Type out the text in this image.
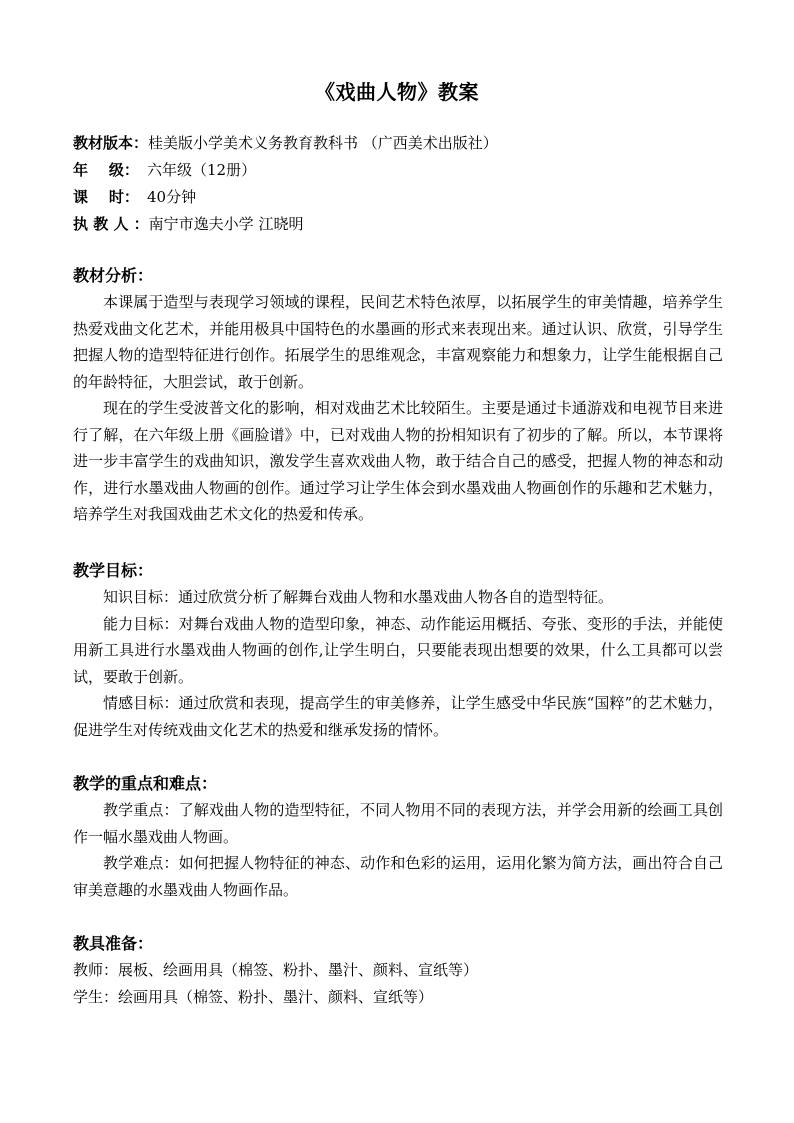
《戏曲人物》教案
教材版本：桂美版小学美术义务教育教科书 （广西美术出版社）
年    级： 六年级（12册）
课    时： 40分钟
执 教 人 ：南宁市逸夫小学 江晓明
教材分析：

本课属于造型与表现学习领域的课程，民间艺术特色浓厚，以拓展学生的审美情趣，培养学生热爱戏曲文化艺术，并能用极具中国特色的水墨画的形式来表现出来。通过认识、欣赏，引导学生把握人物的造型特征进行创作。拓展学生的思维观念，丰富观察能力和想象力，让学生能根据自己的年龄特征，大胆尝试，敢于创新。

现在的学生受波普文化的影响，相对戏曲艺术比较陌生。主要是通过卡通游戏和电视节目来进行了解，在六年级上册《画脸谱》中，已对戏曲人物的扮相知识有了初步的了解。所以，本节课将进一步丰富学生的戏曲知识，激发学生喜欢戏曲人物，敢于结合自己的感受，把握人物的神态和动作，进行水墨戏曲人物画的创作。通过学习让学生体会到水墨戏曲人物画创作的乐趣和艺术魅力，培养学生对我国戏曲艺术文化的热爱和传承。

教学目标：

知识目标：通过欣赏分析了解舞台戏曲人物和水墨戏曲人物各自的造型特征。

能力目标：对舞台戏曲人物的造型印象，神态、动作能运用概括、夸张、变形的手法，并能使用新工具进行水墨戏曲人物画的创作,让学生明白，只要能表现出想要的效果，什么工具都可以尝试，要敢于创新。

情感目标：通过欣赏和表现，提高学生的审美修养，让学生感受中华民族“国粹”的艺术魅力，促进学生对传统戏曲文化艺术的热爱和继承发扬的情怀。

教学的重点和难点：

教学重点：了解戏曲人物的造型特征，不同人物用不同的表现方法，并学会用新的绘画工具创作一幅水墨戏曲人物画。

教学难点：如何把握人物特征的神态、动作和色彩的运用，运用化繁为简方法，画出符合自己审美意趣的水墨戏曲人物画作品。

教具准备：

教师：展板、绘画用具（棉签、粉扑、墨汁、颜料、宣纸等）

学生：绘画用具（棉签、粉扑、墨汁、颜料、宣纸等）
